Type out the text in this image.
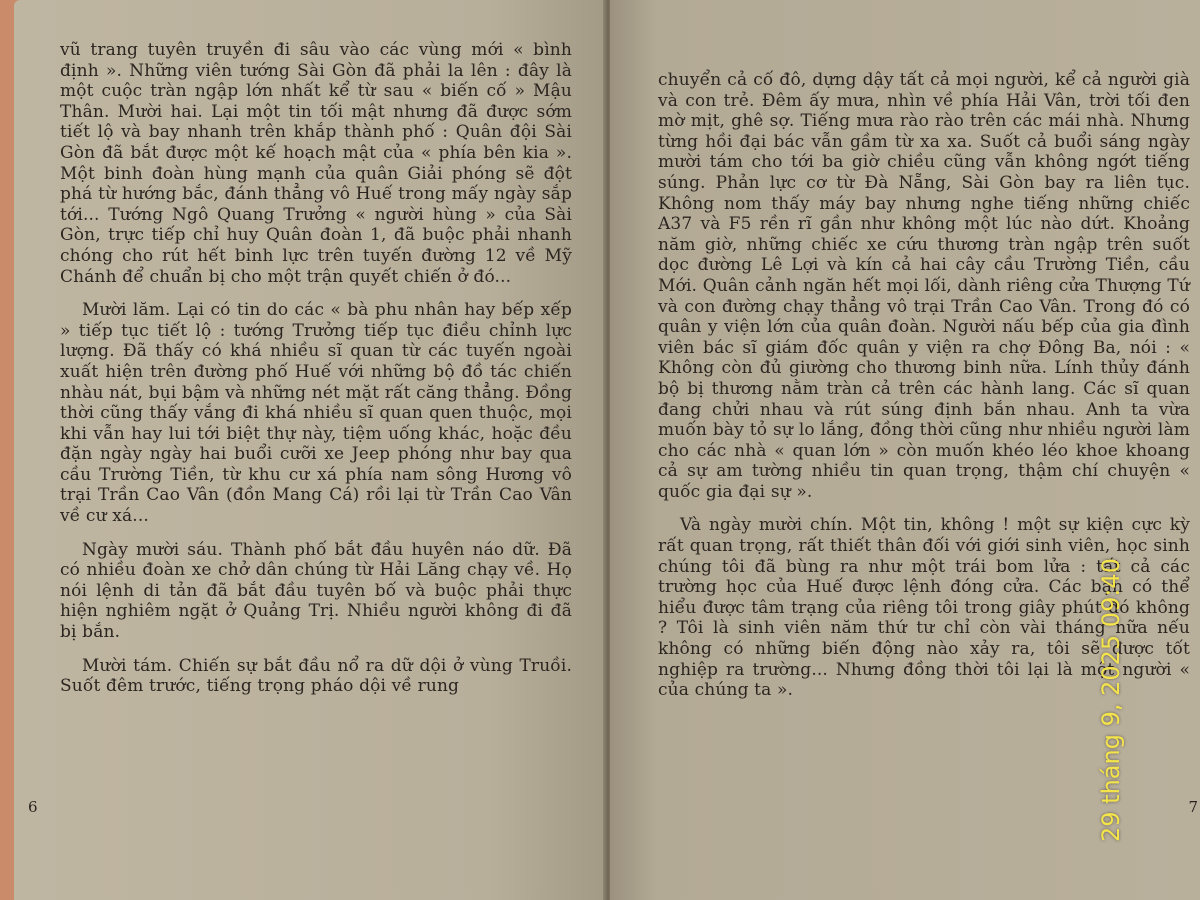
vũ trang tuyên truyền đi sâu vào các vùng mới « bình định ». Những viên tướng Sài Gòn đã phải la lên : đây là một cuộc tràn ngập lớn nhất kể từ sau « biến cố » Mậu Thân. Mười hai. Lại một tin tối mật nhưng đã được sớm tiết lộ và bay nhanh trên khắp thành phố : Quân đội Sài Gòn đã bắt được một kế hoạch mật của « phía bên kia ». Một binh đoàn hùng mạnh của quân Giải phóng sẽ đột phá từ hướng bắc, đánh thẳng vô Huế trong mấy ngày sắp tới... Tướng Ngô Quang Trưởng « người hùng » của Sài Gòn, trực tiếp chỉ huy Quân đoàn 1, đã buộc phải nhanh chóng cho rút hết binh lực trên tuyến đường 12 về Mỹ Chánh để chuẩn bị cho một trận quyết chiến ở đó...

Mười lăm. Lại có tin do các « bà phu nhân hay bếp xếp » tiếp tục tiết lộ : tướng Trưởng tiếp tục điều chỉnh lực lượng. Đã thấy có khá nhiều sĩ quan từ các tuyến ngoài xuất hiện trên đường phố Huế với những bộ đồ tác chiến nhàu nát, bụi bậm và những nét mặt rất căng thẳng. Đồng thời cũng thấy vắng đi khá nhiều sĩ quan quen thuộc, mọi khi vẫn hay lui tới biệt thự này, tiệm uống khác, hoặc đều đặn ngày ngày hai buổi cưỡi xe Jeep phóng như bay qua cầu Trường Tiền, từ khu cư xá phía nam sông Hương vô trại Trần Cao Vân (đồn Mang Cá) rồi lại từ Trần Cao Vân về cư xá...

Ngày mười sáu. Thành phố bắt đầu huyên náo dữ. Đã có nhiều đoàn xe chở dân chúng từ Hải Lăng chạy về. Họ nói lệnh di tản đã bắt đầu tuyên bố và buộc phải thực hiện nghiêm ngặt ở Quảng Trị. Nhiều người không đi đã bị bắn.

Mười tám. Chiến sự bắt đầu nổ ra dữ dội ở vùng Truồi. Suốt đêm trước, tiếng trọng pháo dội về rung

6

chuyển cả cố đô, dựng dậy tất cả mọi người, kể cả người già và con trẻ. Đêm ấy mưa, nhìn về phía Hải Vân, trời tối đen mờ mịt, ghê sợ. Tiếng mưa rào rào trên các mái nhà. Nhưng từng hồi đại bác vẫn gầm từ xa xa. Suốt cả buổi sáng ngày mười tám cho tới ba giờ chiều cũng vẫn không ngớt tiếng súng. Phản lực cơ từ Đà Nẵng, Sài Gòn bay ra liên tục. Không nom thấy máy bay nhưng nghe tiếng những chiếc A37 và F5 rền rĩ gần như không một lúc nào dứt. Khoảng năm giờ, những chiếc xe cứu thương tràn ngập trên suốt dọc đường Lê Lợi và kín cả hai cây cầu Trường Tiền, cầu Mới. Quân cảnh ngăn hết mọi lối, dành riêng cửa Thượng Tứ và con đường chạy thẳng vô trại Trần Cao Vân. Trong đó có quân y viện lớn của quân đoàn. Người nấu bếp của gia đình viên bác sĩ giám đốc quân y viện ra chợ Đông Ba, nói : « Không còn đủ giường cho thương binh nữa. Lính thủy đánh bộ bị thương nằm tràn cả trên các hành lang. Các sĩ quan đang chửi nhau và rút súng định bắn nhau. Anh ta vừa muốn bày tỏ sự lo lắng, đồng thời cũng như nhiều người làm cho các nhà « quan lớn » còn muốn khéo léo khoe khoang cả sự am tường nhiều tin quan trọng, thậm chí chuyện « quốc gia đại sự ».

Và ngày mười chín. Một tin, không ! một sự kiện cực kỳ rất quan trọng, rất thiết thân đối với giới sinh viên, học sinh chúng tôi đã bùng ra như một trái bom lửa : tất cả các trường học của Huế được lệnh đóng cửa. Các bạn có thể hiểu được tâm trạng của riêng tôi trong giây phút đó không ? Tôi là sinh viên năm thứ tư chỉ còn vài tháng nữa nếu không có những biến động nào xảy ra, tôi sẽ được tốt nghiệp ra trường... Nhưng đồng thời tôi lại là một người « của chúng ta ».

7
29 tháng 9, 2025 09:40
